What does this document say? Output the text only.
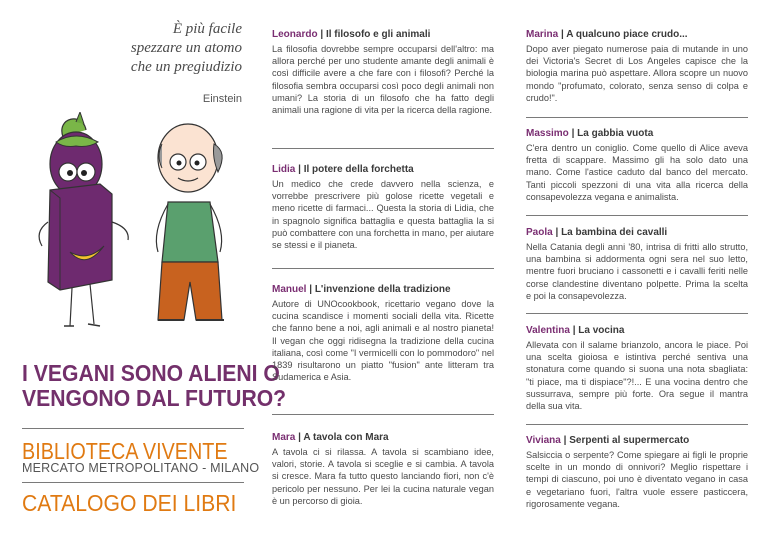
È più facile
spezzare un atomo
che un pregiudizio
Einstein
I VEGANI SONO ALIENI O
VENGONO DAL FUTURO?
BIBLIOTECA VIVENTE
MERCATO METROPOLITANO - MILANO
CATALOGO DEI LIBRI
Leonardo | Il filosofo e gli animali

La filosofia dovrebbe sempre occuparsi dell'altro: ma allora perché per uno studente amante degli animali è così difficile avere a che fare con i filosofi? Perché la filosofia sembra occuparsi così poco degli animali non umani? La storia di un filosofo che ha fatto degli animali una ragione di vita per la ricerca della ragione.

Lidia | Il potere della forchetta

Un medico che crede davvero nella scienza, e vorrebbe prescrivere più golose ricette vegetali e meno ricette di farmaci... Questa la storia di Lidia, che in spagnolo significa battaglia e questa battaglia la si può combattere con una forchetta in mano, per aiutare se stessi e il pianeta.

Manuel | L'invenzione della tradizione

Autore di UNOcookbook, ricettario vegano dove la cucina scandisce i momenti sociali della vita. Ricette che fanno bene a noi, agli animali e al nostro pianeta! Il vegan che oggi ridisegna la tradizione della cucina italiana, così come "I vermicelli con lo pommodoro" nel 1839 risultarono un piatto "fusion" ante litteram tra Sudamerica e Asia.

Mara | A tavola con Mara

A tavola ci si rilassa. A tavola si scambiano idee, valori, storie. A tavola si sceglie e si cambia. A tavola si cresce. Mara fa tutto questo lanciando fiori, non c'è pericolo per nessuno. Per lei la cucina naturale vegan è un percorso di gioia.

Marina | A qualcuno piace crudo...

Dopo aver piegato numerose paia di mutande in uno dei Victoria's Secret di Los Angeles capisce che la biologia marina può aspettare. Allora scopre un nuovo mondo "profumato, colorato, senza senso di colpa e crudo!".

Massimo | La gabbia vuota

C'era dentro un coniglio. Come quello di Alice aveva fretta di scappare. Massimo gli ha solo dato una mano. Come l'astice caduto dal banco del mercato. Tanti piccoli spezzoni di una vita alla ricerca della consapevolezza vegana e animalista.

Paola | La bambina dei cavalli

Nella Catania degli anni '80, intrisa di fritti allo strutto, una bambina si addormenta ogni sera nel suo letto, mentre fuori bruciano i cassonetti e i cavalli feriti nelle corse clandestine diventano polpette. Prima la scelta e poi la consapevolezza.

Valentina | La vocina

Allevata con il salame brianzolo, ancora le piace. Poi una scelta gioiosa e istintiva perché sentiva una stonatura come quando si suona una nota sbagliata: "ti piace, ma ti dispiace"?!... E una vocina dentro che sussurrava, sempre più forte. Ora segue il mantra della sua vita.

Viviana | Serpenti al supermercato

Salsiccia o serpente? Come spiegare ai figli le proprie scelte in un mondo di onnivori? Meglio rispettare i tempi di ciascuno, poi uno è diventato vegano in casa e vegetariano fuori, l'altra vuole essere pasticcera, rigorosamente vegana.
